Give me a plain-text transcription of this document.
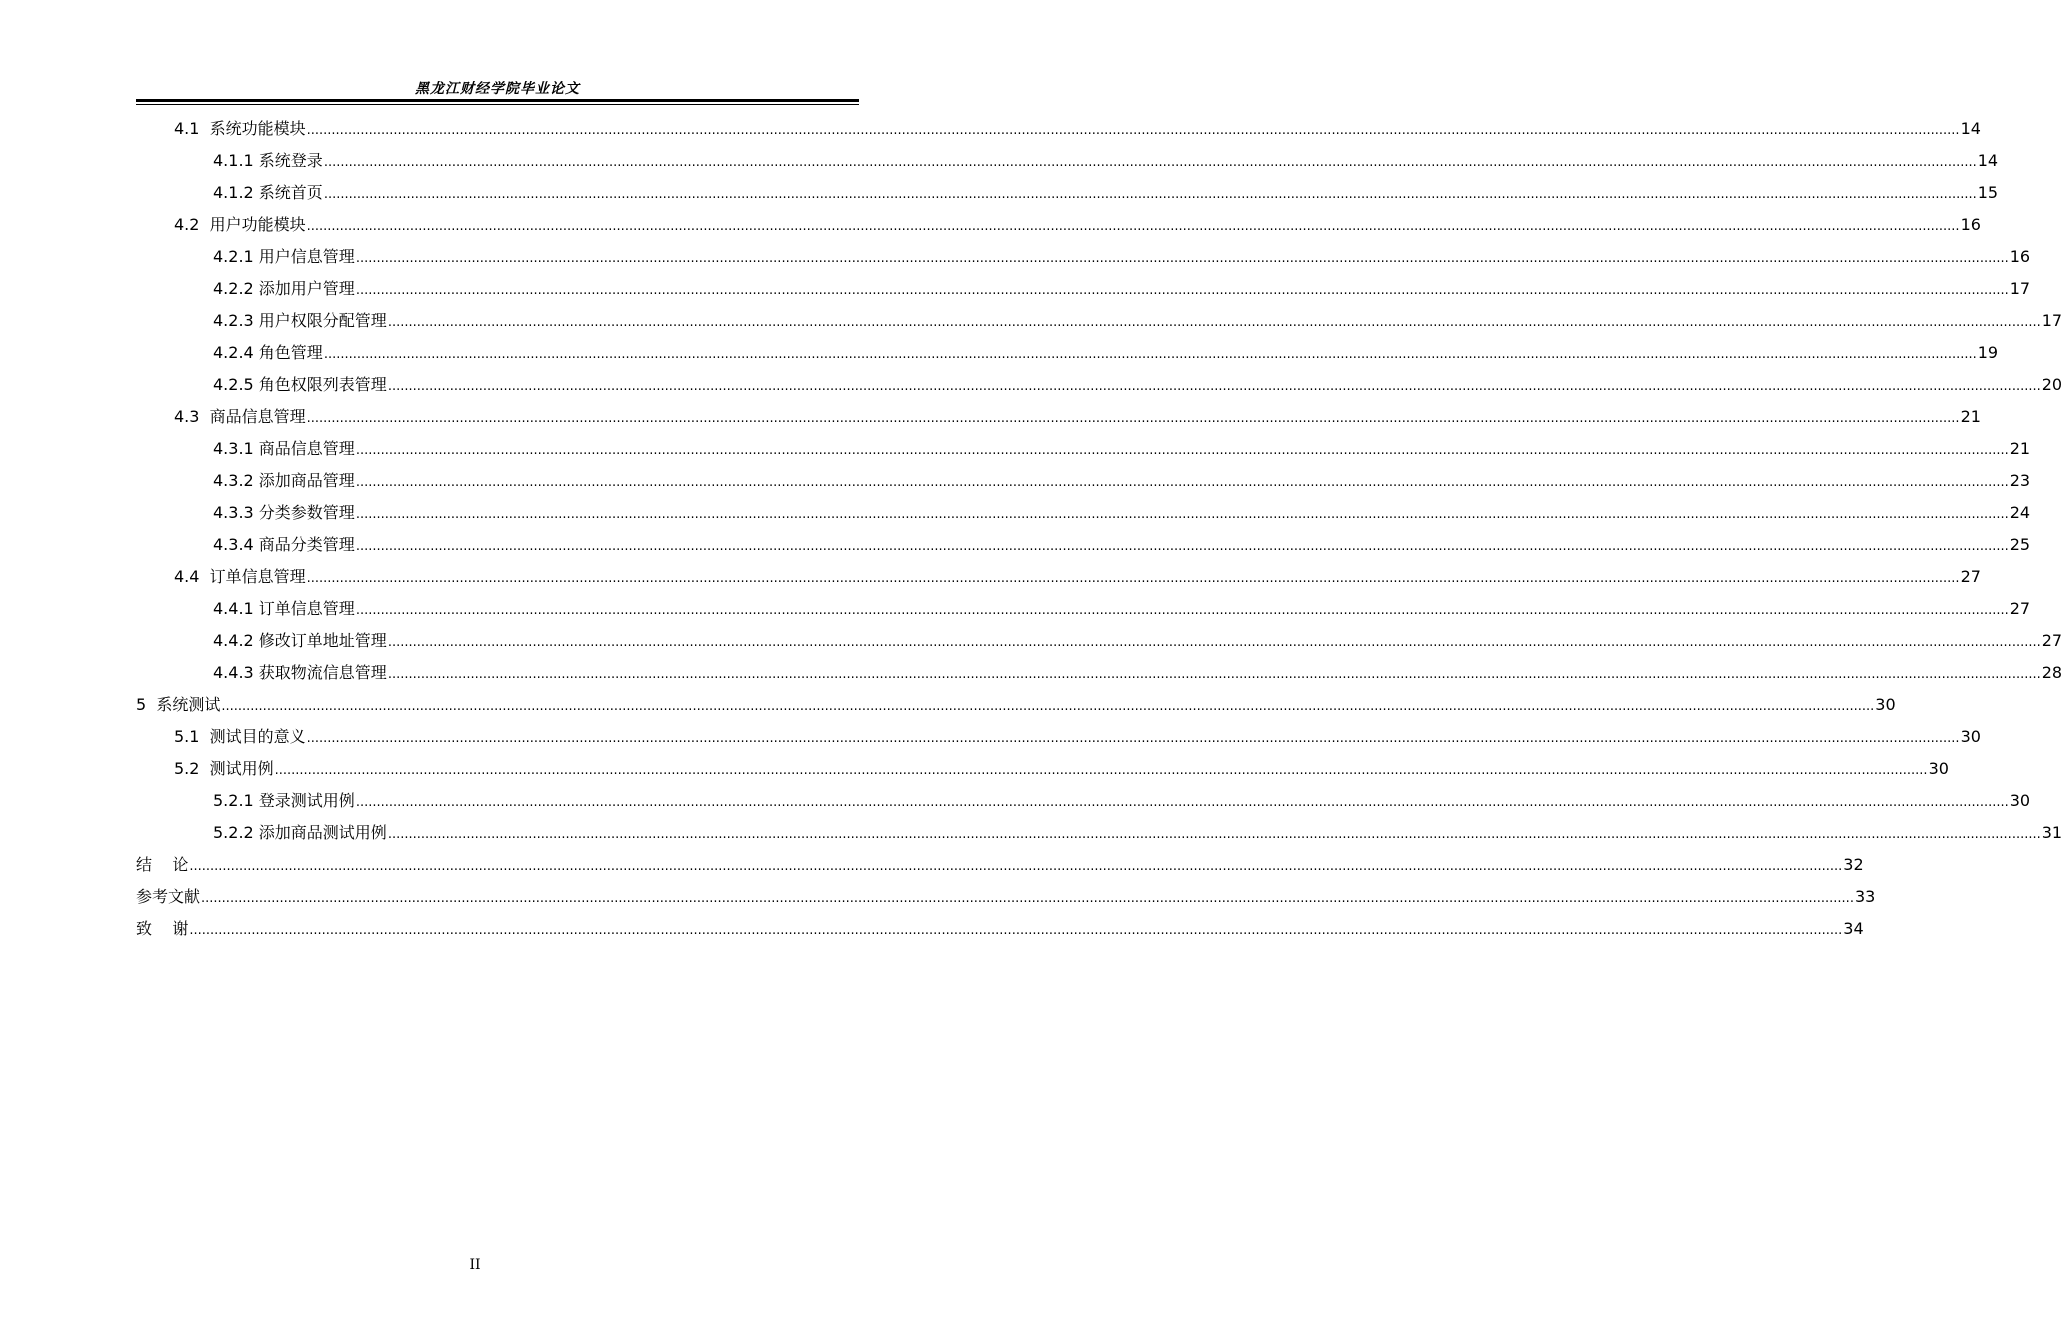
黑龙江财经学院毕业论文
4.1  系统功能模块 ................................................................................................................................................................................................................................................................................................................................................................................................................ 14
4.1.1 系统登录 ................................................................................................................................................................................................................................................................................................................................................................................................................ 14
4.1.2 系统首页 ................................................................................................................................................................................................................................................................................................................................................................................................................ 15
4.2  用户功能模块 ................................................................................................................................................................................................................................................................................................................................................................................................................ 16
4.2.1 用户信息管理 ................................................................................................................................................................................................................................................................................................................................................................................................................ 16
4.2.2 添加用户管理 ................................................................................................................................................................................................................................................................................................................................................................................................................ 17
4.2.3 用户权限分配管理 ................................................................................................................................................................................................................................................................................................................................................................................................................ 17
4.2.4 角色管理 ................................................................................................................................................................................................................................................................................................................................................................................................................ 19
4.2.5 角色权限列表管理 ................................................................................................................................................................................................................................................................................................................................................................................................................ 20
4.3  商品信息管理 ................................................................................................................................................................................................................................................................................................................................................................................................................ 21
4.3.1 商品信息管理 ................................................................................................................................................................................................................................................................................................................................................................................................................ 21
4.3.2 添加商品管理 ................................................................................................................................................................................................................................................................................................................................................................................................................ 23
4.3.3 分类参数管理 ................................................................................................................................................................................................................................................................................................................................................................................................................ 24
4.3.4 商品分类管理 ................................................................................................................................................................................................................................................................................................................................................................................................................ 25
4.4  订单信息管理 ................................................................................................................................................................................................................................................................................................................................................................................................................ 27
4.4.1 订单信息管理 ................................................................................................................................................................................................................................................................................................................................................................................................................ 27
4.4.2 修改订单地址管理 ................................................................................................................................................................................................................................................................................................................................................................................................................ 27
4.4.3 获取物流信息管理 ................................................................................................................................................................................................................................................................................................................................................................................................................ 28
5  系统测试 ................................................................................................................................................................................................................................................................................................................................................................................................................ 30
5.1  测试目的意义 ................................................................................................................................................................................................................................................................................................................................................................................................................ 30
5.2  测试用例 ................................................................................................................................................................................................................................................................................................................................................................................................................ 30
5.2.1 登录测试用例 ................................................................................................................................................................................................................................................................................................................................................................................................................ 30
5.2.2 添加商品测试用例 ................................................................................................................................................................................................................................................................................................................................................................................................................ 31
结    论 ................................................................................................................................................................................................................................................................................................................................................................................................................ 32
参考文献 ................................................................................................................................................................................................................................................................................................................................................................................................................ 33
致    谢 ................................................................................................................................................................................................................................................................................................................................................................................................................ 34
II
